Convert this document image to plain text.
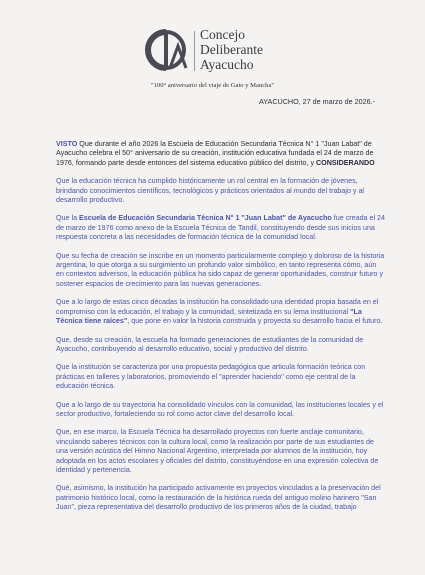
Concejo
Deliberante
Ayacucho
"100° aniversario del viaje de Gato y Mancha"
AYACUCHO, 27 de marzo de 2026.-

VISTO Que durante el año 2026 la Escuela de Educación Secundaria Técnica N° 1 "Juan Labat" de Ayacucho celebra el 50° aniversario de su creación, institución educativa fundada el 24 de marzo de 1976, formando parte desde entonces del sistema educativo público del distrito, y CONSIDERANDO

Que la educación técnica ha cumplido históricamente un rol central en la formación de jóvenes, brindando conocimientos científicos, tecnológicos y prácticos orientados al mundo del trabajo y al desarrollo productivo.

Que la Escuela de Educación Secundaria Técnica N° 1 "Juan Labat" de Ayacucho fue creada el 24 de marzo de 1976 como anexo de la Escuela Técnica de Tandil, constituyendo desde sus inicios una respuesta concreta a las necesidades de formación técnica de la comunidad local.

Que su fecha de creación se inscribe en un momento particularmente complejo y doloroso de la historia argentina, lo que otorga a su surgimiento un profundo valor simbólico, en tanto representa cómo, aún en contextos adversos, la educación pública ha sido capaz de generar oportunidades, construir futuro y sostener espacios de crecimiento para las nuevas generaciones.

Que a lo largo de estas cinco décadas la institución ha consolidado una identidad propia basada en el compromiso con la educación, el trabajo y la comunidad, sintetizada en su lema institucional "La Técnica tiene raíces", que pone en valor la historia construida y proyecta su desarrollo hacia el futuro.

Que, desde su creación, la escuela ha formado generaciones de estudiantes de la comunidad de Ayacucho, contribuyendo al desarrollo educativo, social y productivo del distrito.

Que la institución se caracteriza por una propuesta pedagógica que articula formación teórica con prácticas en talleres y laboratorios, promoviendo el "aprender haciendo" como eje central de la educación técnica.

Que a lo largo de su trayectoria ha consolidado vínculos con la comunidad, las instituciones locales y el sector productivo, fortaleciendo su rol como actor clave del desarrollo local.

Que, en ese marco, la Escuela Técnica ha desarrollado proyectos con fuerte anclaje comunitario, vinculando saberes técnicos con la cultura local, como la realización por parte de sus estudiantes de una versión acústica del Himno Nacional Argentino, interpretada por alumnos de la institución, hoy adoptada en los actos escolares y oficiales del distrito, constituyéndose en una expresión colectiva de identidad y pertenencia.

Qué, asimismo, la institución ha participado activamente en proyectos vinculados a la preservación del patrimonio histórico local, como la restauración de la histórica rueda del antiguo molino harinero "San Juan", pieza representativa del desarrollo productivo de los primeros años de la ciudad, trabajo
